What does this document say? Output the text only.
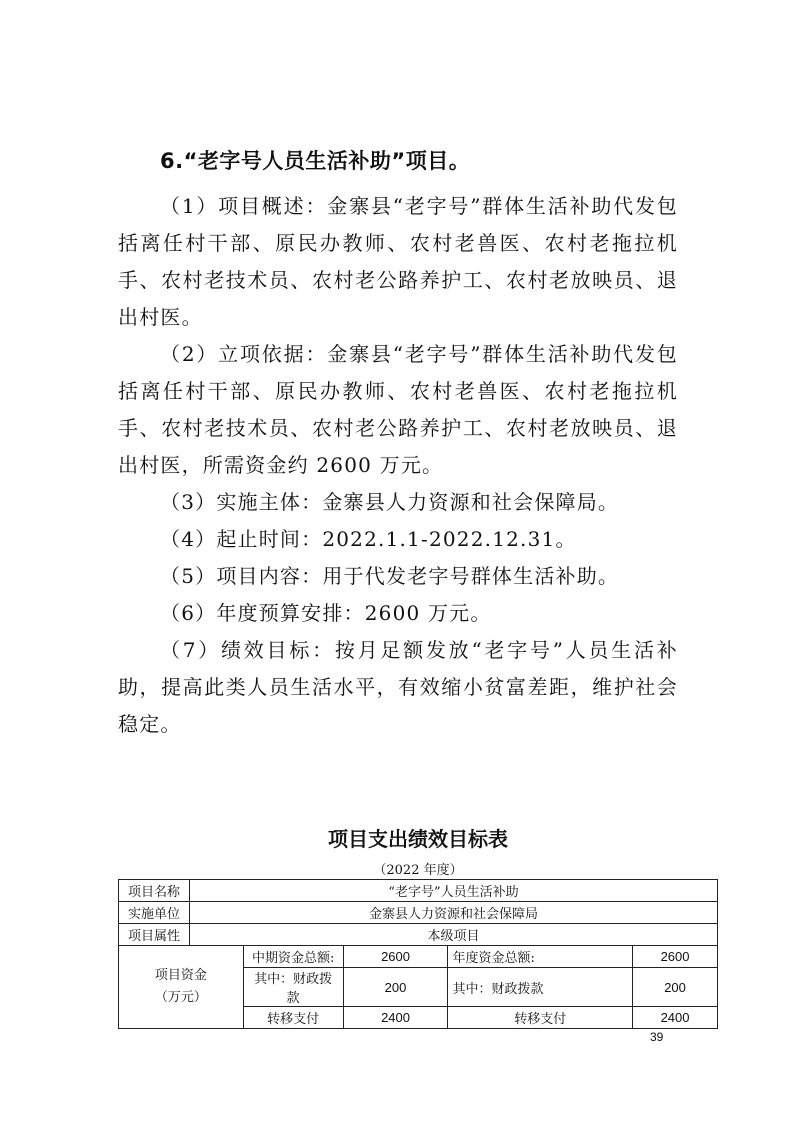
6.“老字号人员生活补助”项目。

（1）项目概述：金寨县“老字号”群体生活补助代发包括离任村干部、原民办教师、农村老兽医、农村老拖拉机手、农村老技术员、农村老公路养护工、农村老放映员、退出村医。

（2）立项依据：金寨县“老字号”群体生活补助代发包括离任村干部、原民办教师、农村老兽医、农村老拖拉机手、农村老技术员、农村老公路养护工、农村老放映员、退出村医，所需资金约 2600 万元。

（3）实施主体：金寨县人力资源和社会保障局。

（4）起止时间：2022.1.1-2022.12.31。

（5）项目内容：用于代发老字号群体生活补助。

（6）年度预算安排：2600 万元。

（7）绩效目标：按月足额发放“老字号”人员生活补助，提高此类人员生活水平，有效缩小贫富差距，维护社会稳定。

项目支出绩效目标表
（2022 年度）
项目名称	“老字号”人员生活补助				
实施单位	金寨县人力资源和社会保障局				
项目属性	本级项目				
项目资金
（万元）		中期资金总额:	2600	年度资金总额:	2600
		其中：财政拨款	200	其中：财政拨款	200
		转移支付	2400	转移支付	2400
39
